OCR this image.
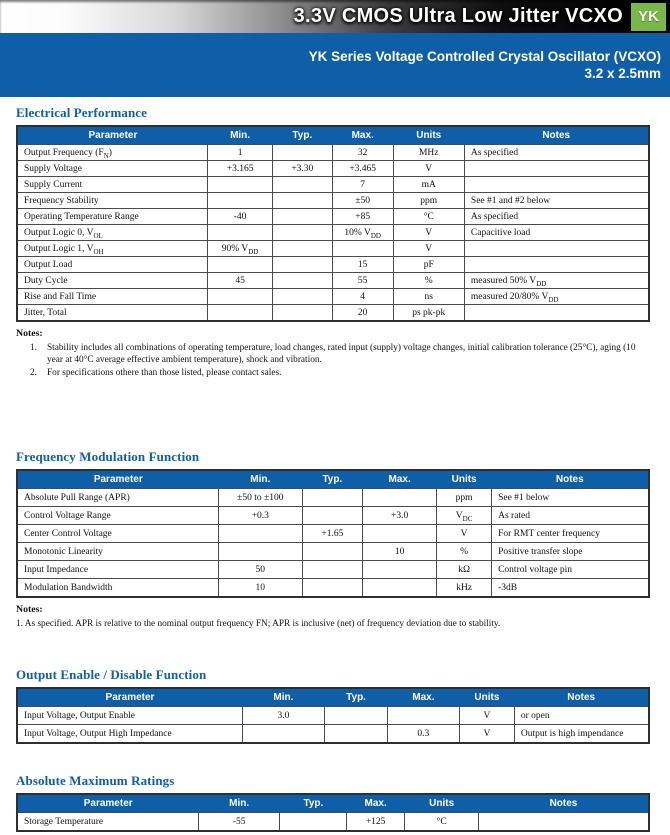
3.3V CMOS Ultra Low Jitter VCXO	YK
YK Series Voltage Controlled Crystal Oscillator (VCXO)
3.2 x 2.5mm
Electrical Performance
Parameter	Min.	Typ.	Max.	Units	Notes
Output Frequency $(F_N)$	1		32	MHz	As specified
Supply Voltage	+3.165	+3.30	+3.465	V	
Supply Current			7	mA	
Frequency Stability			±50	ppm	See #1 and #2 below
Operating Temperature Range	-40		+85	°C	As specified
Output Logic 0, $V_{OL}$			10% $V_{DD}$	V	Capacitive load
Output Logic 1, $V_{OH}$	90% $V_{DD}$			V	
Output Load			15	pF	
Duty Cycle	45		55	%	measured 50% $V_{DD}$
Rise and Fall Time			4	ns	measured 20/80% $V_{DD}$
Jitter, Total			20	ps pk-pk	
Notes:
1.	Stability includes all combinations of operating temperature, load changes, rated input (supply) voltage changes, initial calibration tolerance (25°C), aging (10 year at 40°C average effective ambient temperature), shock and vibration.
2.	For specifications othere than those listed, please contact sales.
Frequency Modulation Function
Parameter	Min.	Typ.	Max.	Units	Notes
Absolute Pull Range (APR)	±50 to ±100			ppm	See #1 below
Control Voltage Range	+0.3		+3.0	$V_{DC}$	As rated
Center Control Voltage		+1.65		V	For RMT center frequency
Monotonic Linearity			10	%	Positive transfer slope
Input Impedance	50			kΩ	Control voltage pin
Modulation Bandwidth	10			kHz	-3dB
Notes:
1. As specified. APR is relative to the nominal output frequency FN; APR is inclusive (net) of frequency deviation due to stability.
Output Enable / Disable Function
Parameter	Min.	Typ.	Max.	Units	Notes
Input Voltage, Output Enable	3.0			V	or open
Input Voltage, Output High Impedance			0.3	V	Output is high impendance
Absolute Maximum Ratings
Parameter	Min.	Typ.	Max.	Units	Notes
Storage Temperature	-55		+125	°C	
